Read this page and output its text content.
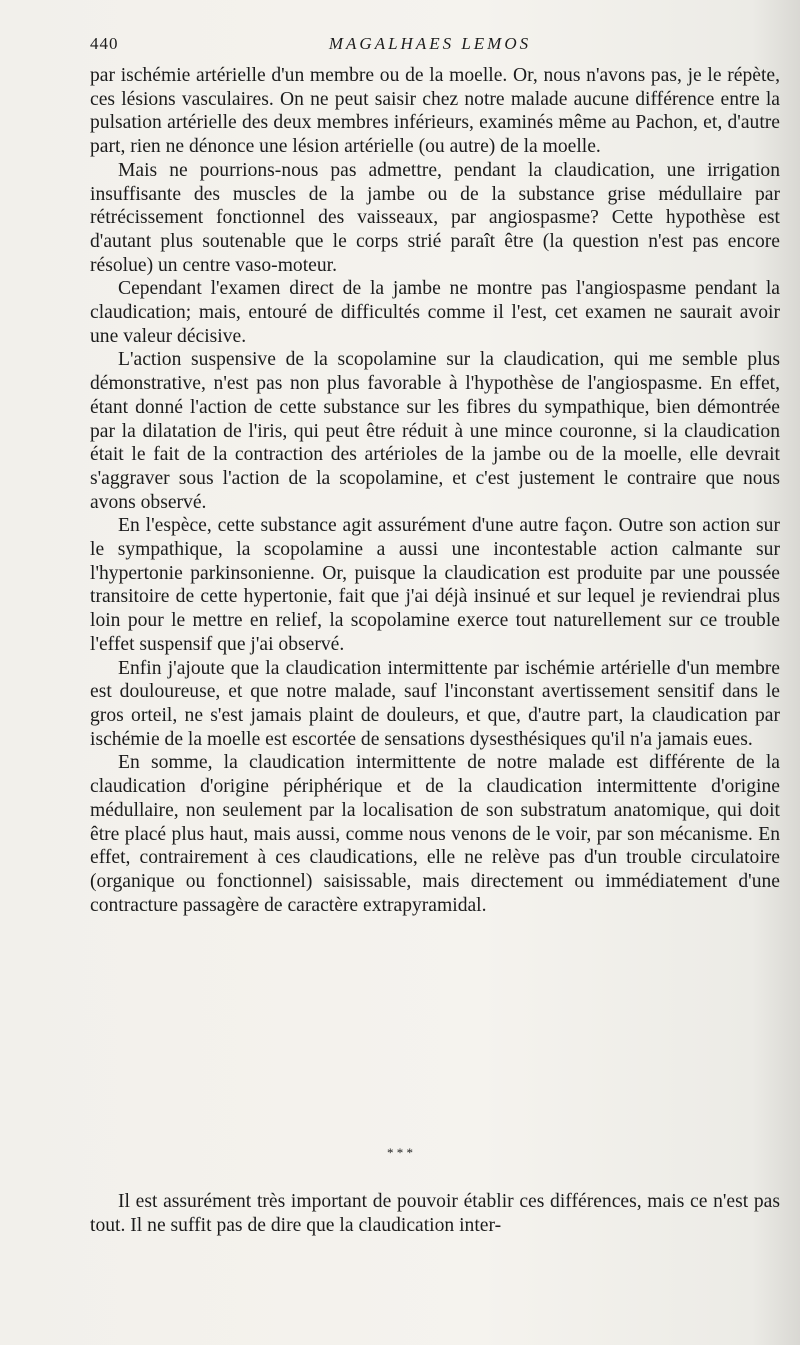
440	MAGALHAES LEMOS

par ischémie artérielle d'un membre ou de la moelle. Or, nous n'avons pas, je le répète, ces lésions vasculaires. On ne peut saisir chez notre malade aucune différence entre la pulsation artérielle des deux membres inférieurs, examinés même au Pachon, et, d'autre part, rien ne dénonce une lésion artérielle (ou autre) de la moelle.

Mais ne pourrions-nous pas admettre, pendant la claudication, une irrigation insuffisante des muscles de la jambe ou de la substance grise médullaire par rétrécissement fonctionnel des vaisseaux, par angiospasme? Cette hypothèse est d'autant plus soutenable que le corps strié paraît être (la question n'est pas encore résolue) un centre vaso-moteur.

Cependant l'examen direct de la jambe ne montre pas l'angiospasme pendant la claudication; mais, entouré de difficultés comme il l'est, cet examen ne saurait avoir une valeur décisive.

L'action suspensive de la scopolamine sur la claudication, qui me semble plus démonstrative, n'est pas non plus favorable à l'hypothèse de l'angiospasme. En effet, étant donné l'action de cette substance sur les fibres du sympathique, bien démontrée par la dilatation de l'iris, qui peut être réduit à une mince couronne, si la claudication était le fait de la contraction des artérioles de la jambe ou de la moelle, elle devrait s'aggraver sous l'action de la scopolamine, et c'est justement le contraire que nous avons observé.

En l'espèce, cette substance agit assurément d'une autre façon. Outre son action sur le sympathique, la scopolamine a aussi une incontestable action calmante sur l'hypertonie parkinsonienne. Or, puisque la claudication est produite par une poussée transitoire de cette hypertonie, fait que j'ai déjà insinué et sur lequel je reviendrai plus loin pour le mettre en relief, la scopolamine exerce tout naturellement sur ce trouble l'effet suspensif que j'ai observé.

Enfin j'ajoute que la claudication intermittente par ischémie artérielle d'un membre est douloureuse, et que notre malade, sauf l'inconstant avertissement sensitif dans le gros orteil, ne s'est jamais plaint de douleurs, et que, d'autre part, la claudication par ischémie de la moelle est escortée de sensations dysesthésiques qu'il n'a jamais eues.

En somme, la claudication intermittente de notre malade est différente de la claudication d'origine périphérique et de la claudication intermittente d'origine médullaire, non seulement par la localisation de son substratum anatomique, qui doit être placé plus haut, mais aussi, comme nous venons de le voir, par son mécanisme. En effet, contrairement à ces claudications, elle ne relève pas d'un trouble circulatoire (organique ou fonctionnel) saisissable, mais directement ou immédiatement d'une contracture passagère de caractère extrapyramidal.

* * *

Il est assurément très important de pouvoir établir ces différences, mais ce n'est pas tout. Il ne suffit pas de dire que la claudication inter-
